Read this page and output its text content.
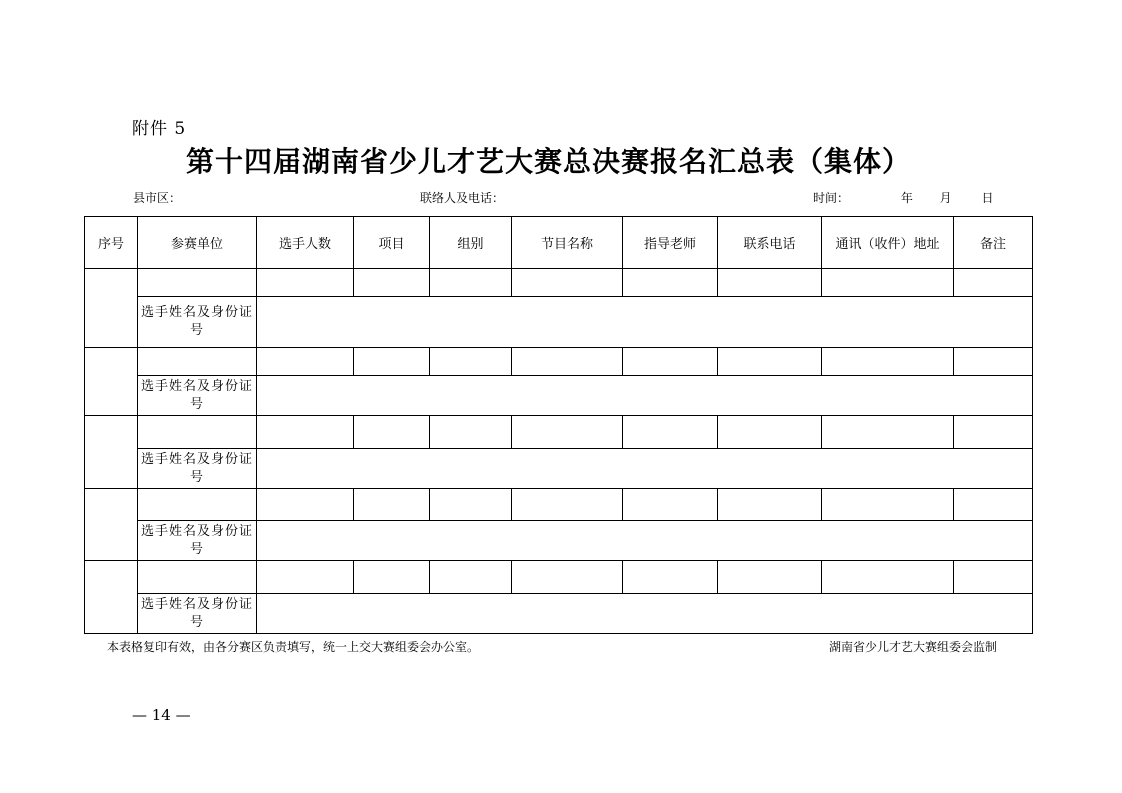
附件 5
第十四届湖南省少儿才艺大赛总决赛报名汇总表（集体）
县市区：	联络人及电话：	时间：	年 月 日
序号	参赛单位	选手人数	项目	组别	节目名称	指导老师	联系电话	通讯（收件）地址	备注

	选手姓名及身份证号								

	选手姓名及身份证号								

	选手姓名及身份证号								

	选手姓名及身份证号								

	选手姓名及身份证号								
本表格复印有效，由各分赛区负责填写，统一上交大赛组委会办公室。	湖南省少儿才艺大赛组委会监制
— 14 —
